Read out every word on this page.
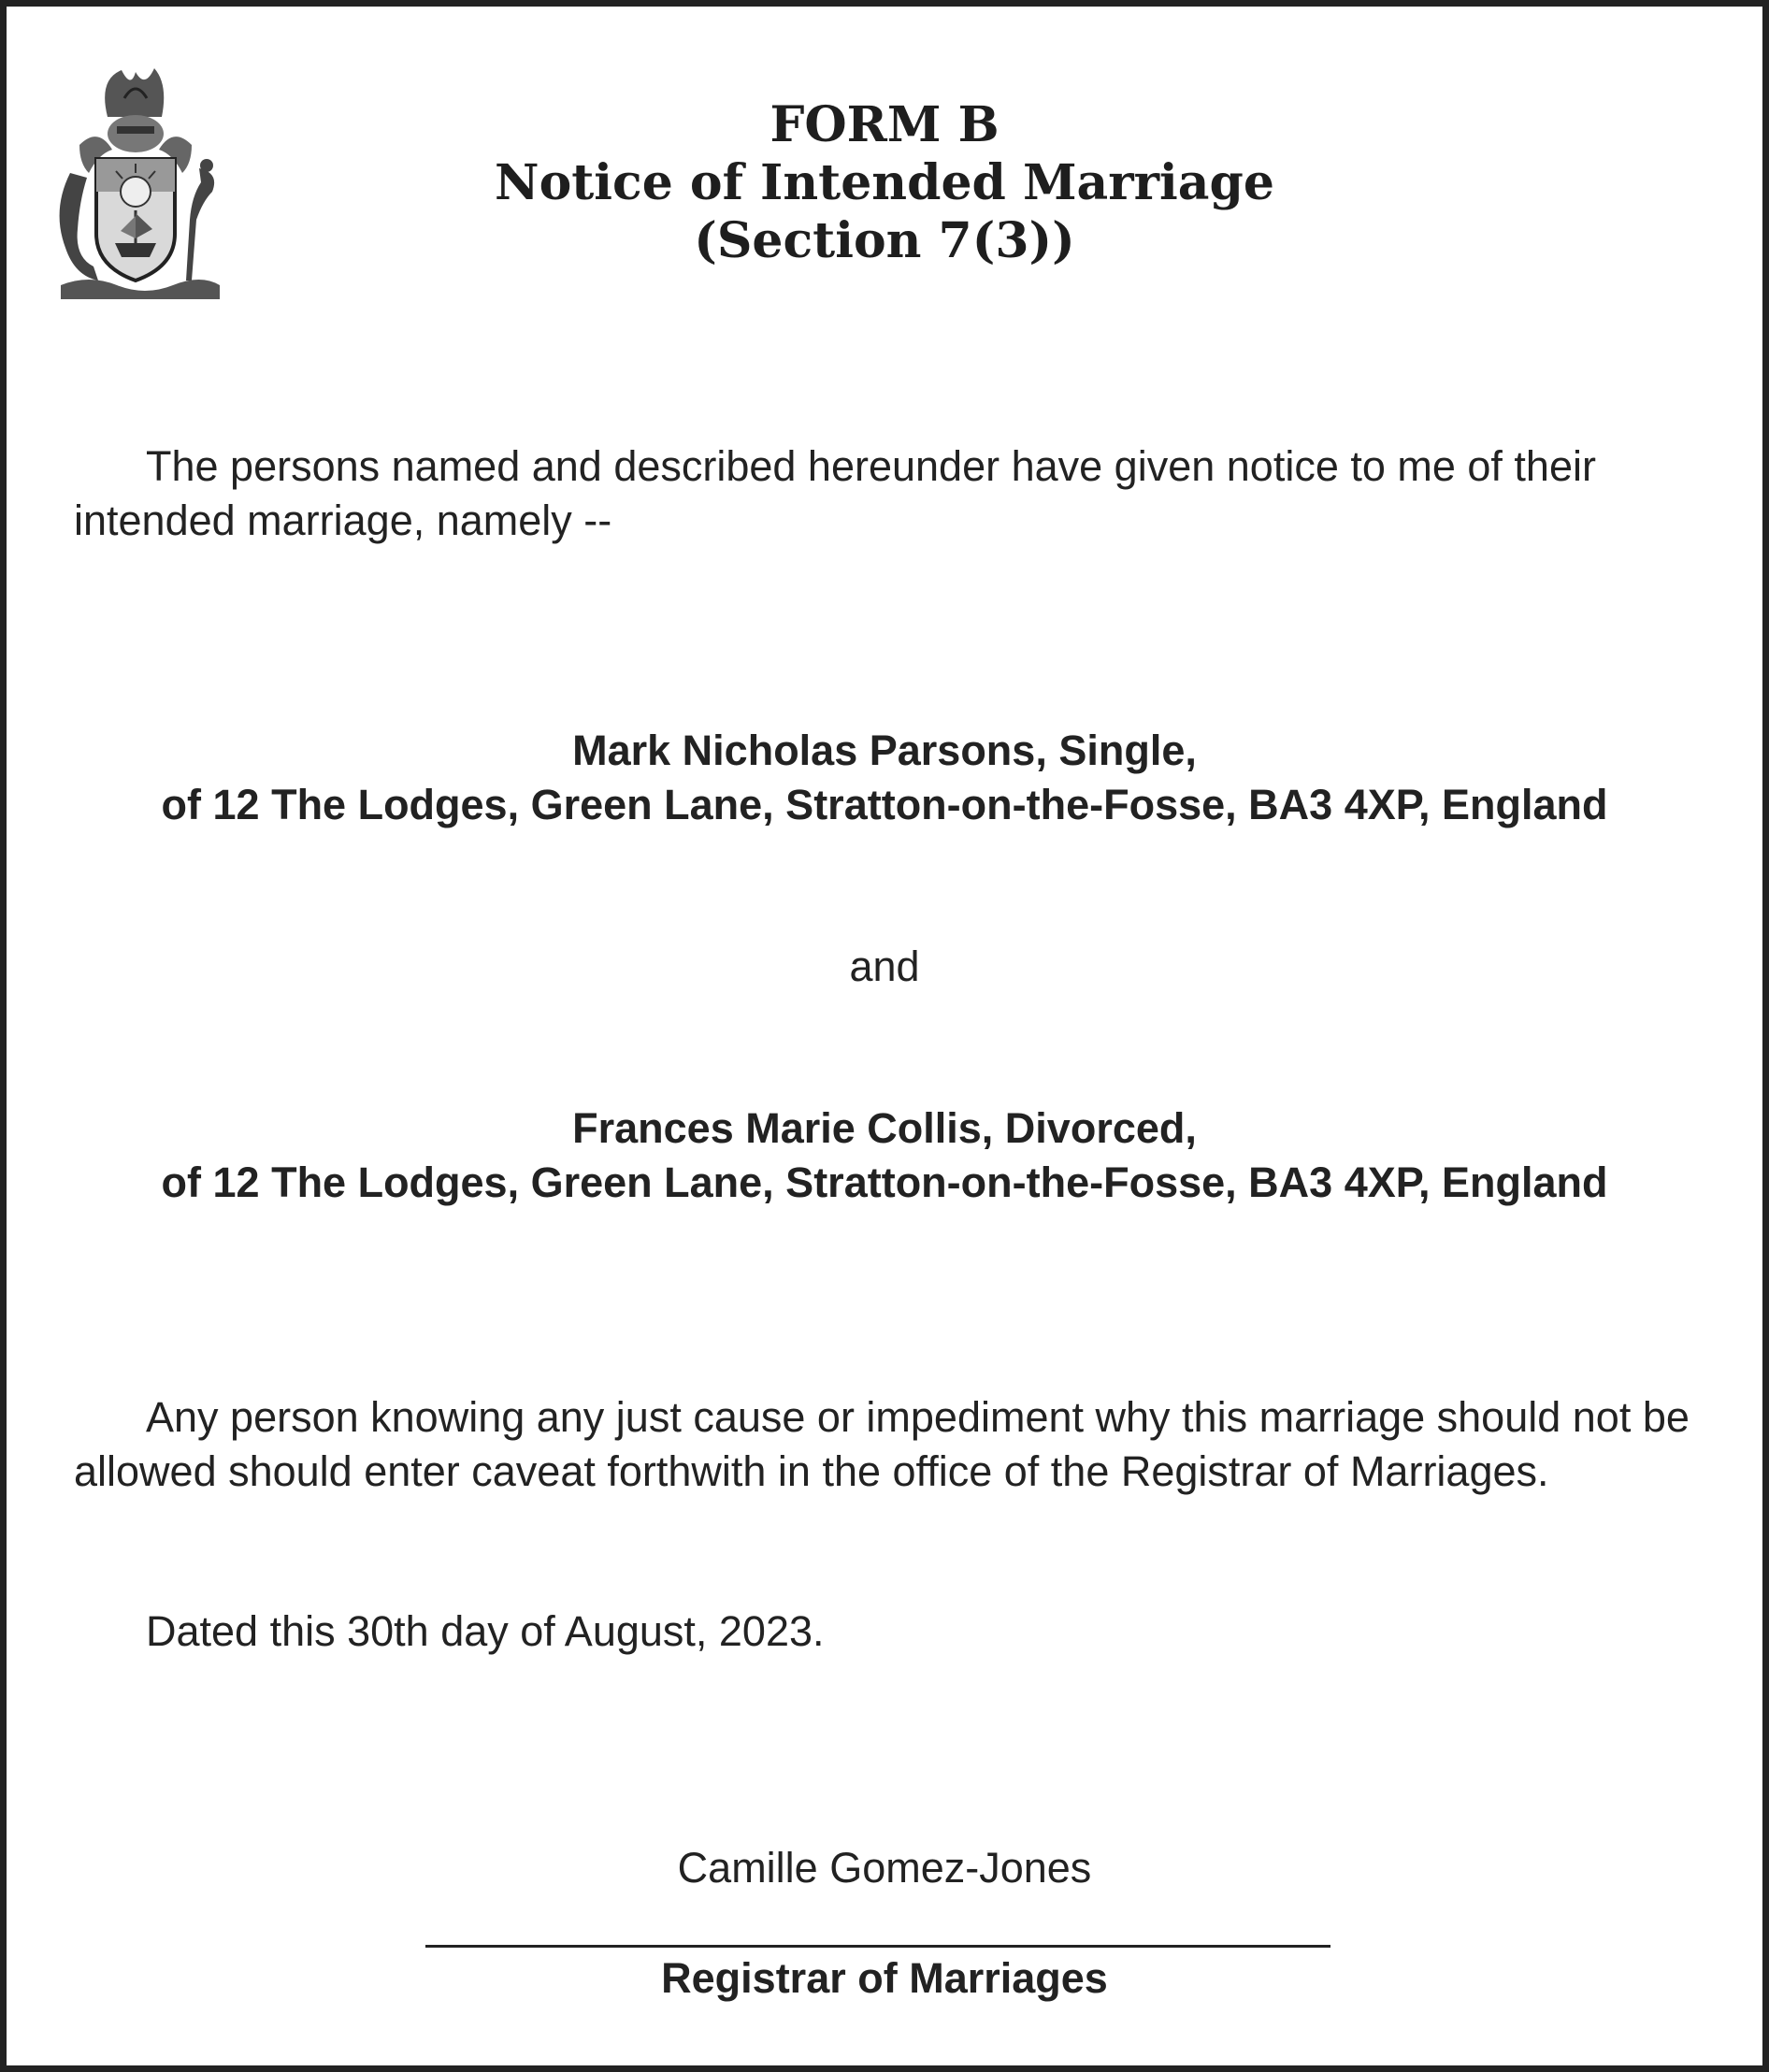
FORM B
Notice of Intended Marriage
(Section 7(3))
The persons named and described hereunder have given notice to me of their intended marriage, namely --
Mark Nicholas Parsons, Single,
of 12 The Lodges, Green Lane, Stratton-on-the-Fosse, BA3 4XP, England
and
Frances Marie Collis, Divorced,
of 12 The Lodges, Green Lane, Stratton-on-the-Fosse, BA3 4XP, England
Any person knowing any just cause or impediment why this marriage should not be allowed should enter caveat forthwith in the office of the Registrar of Marriages.
Dated this 30th day of August, 2023.
Camille Gomez-Jones
Registrar of Marriages
